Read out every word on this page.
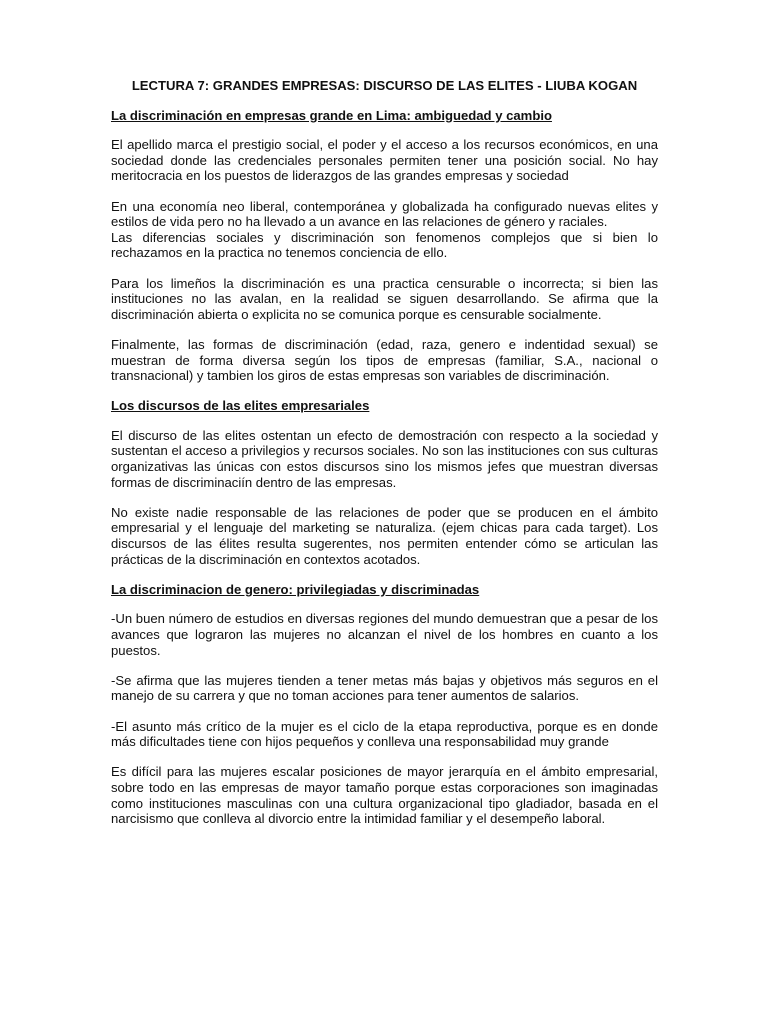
LECTURA 7: GRANDES EMPRESAS: DISCURSO DE LAS ELITES - LIUBA KOGAN
La discriminación en empresas grande en Lima: ambiguedad y cambio

El apellido marca el prestigio social, el poder y el acceso a los recursos económicos, en una sociedad donde las credenciales personales permiten tener una posición social. No hay meritocracia en los puestos de liderazgos de las grandes empresas y sociedad

En una economía neo liberal, contemporánea y globalizada ha configurado nuevas elites y estilos de vida pero no ha llevado a un avance en las relaciones de género y raciales.

Las diferencias sociales y discriminación son fenomenos complejos que si bien lo rechazamos en la practica no tenemos conciencia de ello.

Para los limeños la discriminación es una practica censurable o incorrecta; si bien las instituciones no las avalan, en la realidad se siguen desarrollando. Se afirma que la discriminación abierta o explicita no se comunica porque es censurable socialmente.

Finalmente, las formas de discriminación (edad, raza, genero e indentidad sexual) se muestran de forma diversa según los tipos de empresas (familiar, S.A., nacional o transnacional) y tambien los giros de estas empresas son variables de discriminación.

Los discursos de las elites empresariales

El discurso de las elites ostentan un efecto de demostración con respecto a la sociedad y sustentan el acceso a privilegios y recursos sociales. No son las instituciones con sus culturas organizativas las únicas con estos discursos sino los mismos jefes que muestran diversas formas de discriminaciín dentro de las empresas.

No existe nadie responsable de las relaciones de poder que se producen en el ámbito empresarial y el lenguaje del marketing se naturaliza. (ejem chicas para cada target). Los discursos de las élites resulta sugerentes, nos permiten entender cómo se articulan las prácticas de la discriminación en contextos acotados.

La discriminacion de genero: privilegiadas y discriminadas

-Un buen número de estudios en diversas regiones del mundo demuestran que a pesar de los avances que lograron las mujeres no alcanzan el nivel de los hombres en cuanto a los puestos.

-Se afirma que las mujeres tienden a tener metas más bajas y objetivos más seguros en el manejo de su carrera y que no toman acciones para tener aumentos de salarios.

-El asunto más crítico de la mujer es el ciclo de la etapa reproductiva, porque es en donde más dificultades tiene con hijos pequeños y conlleva una responsabilidad muy grande

Es difícil para las mujeres escalar posiciones de mayor jerarquía en el ámbito empresarial, sobre todo en las empresas de mayor tamaño porque estas corporaciones son imaginadas como instituciones masculinas con una cultura organizacional tipo gladiador, basada en el narcisismo que conlleva al divorcio entre la intimidad familiar y el desempeño laboral.
